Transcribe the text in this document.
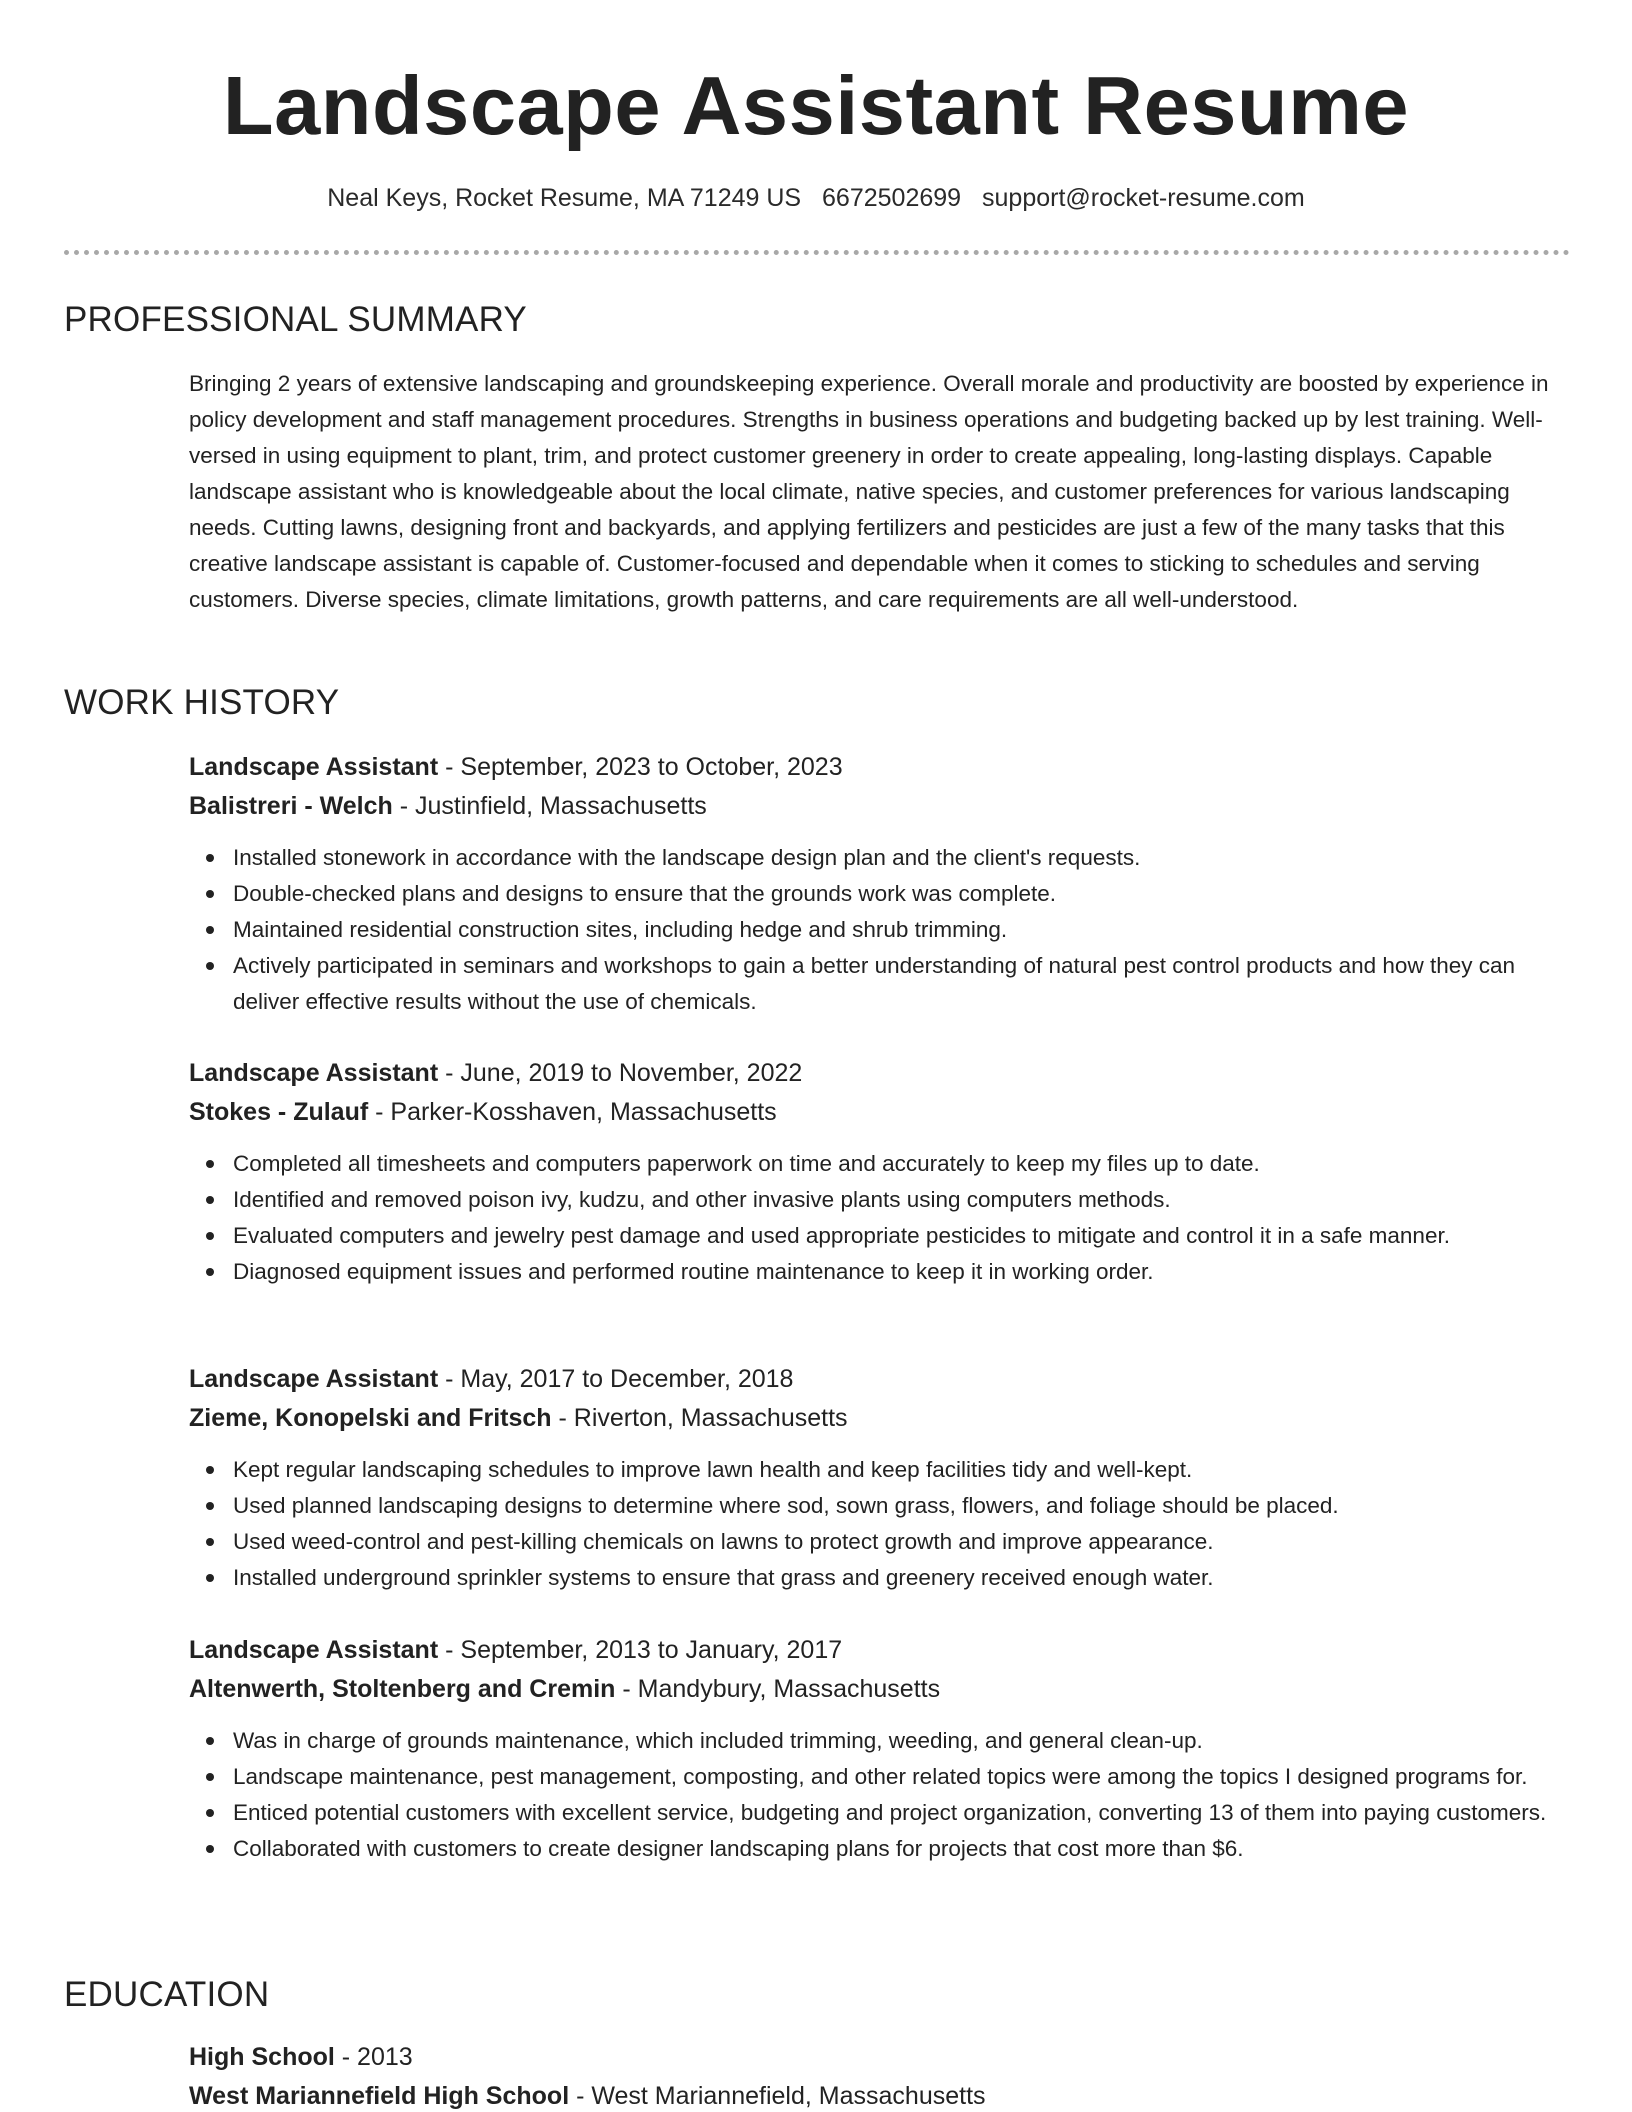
Landscape Assistant Resume
Neal Keys, Rocket Resume, MA 71249 US 6672502699 support@rocket-resume.com
PROFESSIONAL SUMMARY

Bringing 2 years of extensive landscaping and groundskeeping experience. Overall morale and productivity are boosted by experience in policy development and staff management procedures. Strengths in business operations and budgeting backed up by lest training. Well-versed in using equipment to plant, trim, and protect customer greenery in order to create appealing, long-lasting displays. Capable landscape assistant who is knowledgeable about the local climate, native species, and customer preferences for various landscaping needs. Cutting lawns, designing front and backyards, and applying fertilizers and pesticides are just a few of the many tasks that this creative landscape assistant is capable of. Customer-focused and dependable when it comes to sticking to schedules and serving customers. Diverse species, climate limitations, growth patterns, and care requirements are all well-understood.

WORK HISTORY
Landscape Assistant - September, 2023 to October, 2023
Balistreri - Welch - Justinfield, Massachusetts
Installed stonework in accordance with the landscape design plan and the client's requests.
Double-checked plans and designs to ensure that the grounds work was complete.
Maintained residential construction sites, including hedge and shrub trimming.
Actively participated in seminars and workshops to gain a better understanding of natural pest control products and how they can deliver effective results without the use of chemicals.
Landscape Assistant - June, 2019 to November, 2022
Stokes - Zulauf - Parker-Kosshaven, Massachusetts
Completed all timesheets and computers paperwork on time and accurately to keep my files up to date.
Identified and removed poison ivy, kudzu, and other invasive plants using computers methods.
Evaluated computers and jewelry pest damage and used appropriate pesticides to mitigate and control it in a safe manner.
Diagnosed equipment issues and performed routine maintenance to keep it in working order.
Landscape Assistant - May, 2017 to December, 2018
Zieme, Konopelski and Fritsch - Riverton, Massachusetts
Kept regular landscaping schedules to improve lawn health and keep facilities tidy and well-kept.
Used planned landscaping designs to determine where sod, sown grass, flowers, and foliage should be placed.
Used weed-control and pest-killing chemicals on lawns to protect growth and improve appearance.
Installed underground sprinkler systems to ensure that grass and greenery received enough water.
Landscape Assistant - September, 2013 to January, 2017
Altenwerth, Stoltenberg and Cremin - Mandybury, Massachusetts
Was in charge of grounds maintenance, which included trimming, weeding, and general clean-up.
Landscape maintenance, pest management, composting, and other related topics were among the topics I designed programs for.
Enticed potential customers with excellent service, budgeting and project organization, converting 13 of them into paying customers.
Collaborated with customers to create designer landscaping plans for projects that cost more than $6.
EDUCATION
High School - 2013
West Mariannefield High School - West Mariannefield, Massachusetts
